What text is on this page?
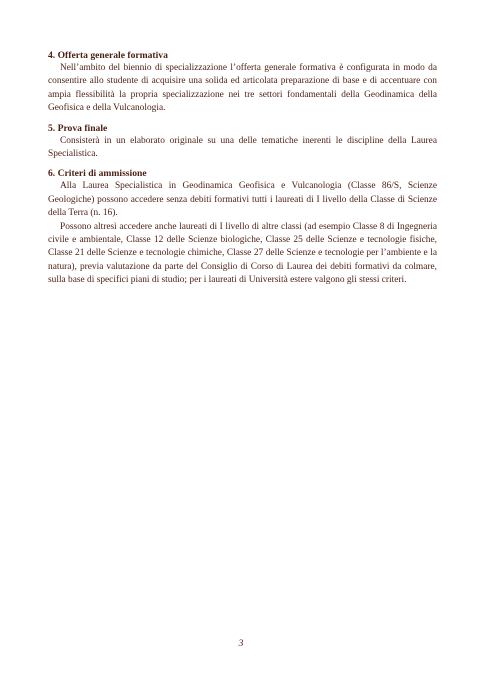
4. Offerta generale formativa

Nell’ambito del biennio di specializzazione l’offerta generale formativa è configurata in modo da consentire allo studente di acquisire una solida ed articolata preparazione di base e di accentuare con ampia flessibilità la propria specializzazione nei tre settori fondamentali della Geodinamica della Geofisica e della Vulcanologia.

5. Prova finale

Consisterà in un elaborato originale su una delle tematiche inerenti le discipline della Laurea Specialistica.

6. Criteri di ammissione

Alla Laurea Specialistica in Geodinamica Geofisica e Vulcanologia (Classe 86/S, Scienze Geologiche) possono accedere senza debiti formativi tutti i laureati di I livello della Classe di Scienze della Terra (n. 16).

Possono altresì accedere anche laureati di I livello di altre classi (ad esempio Classe 8 di Ingegneria civile e ambientale, Classe 12 delle Scienze biologiche, Classe 25 delle Scienze e tecnologie fisiche, Classe 21 delle Scienze e tecnologie chimiche, Classe 27 delle Scienze e tecnologie per l’ambiente e la natura), previa valutazione da parte del Consiglio di Corso di Laurea dei debiti formativi da colmare, sulla base di specifici piani di studio; per i laureati di Università estere valgono gli stessi criteri.

3
